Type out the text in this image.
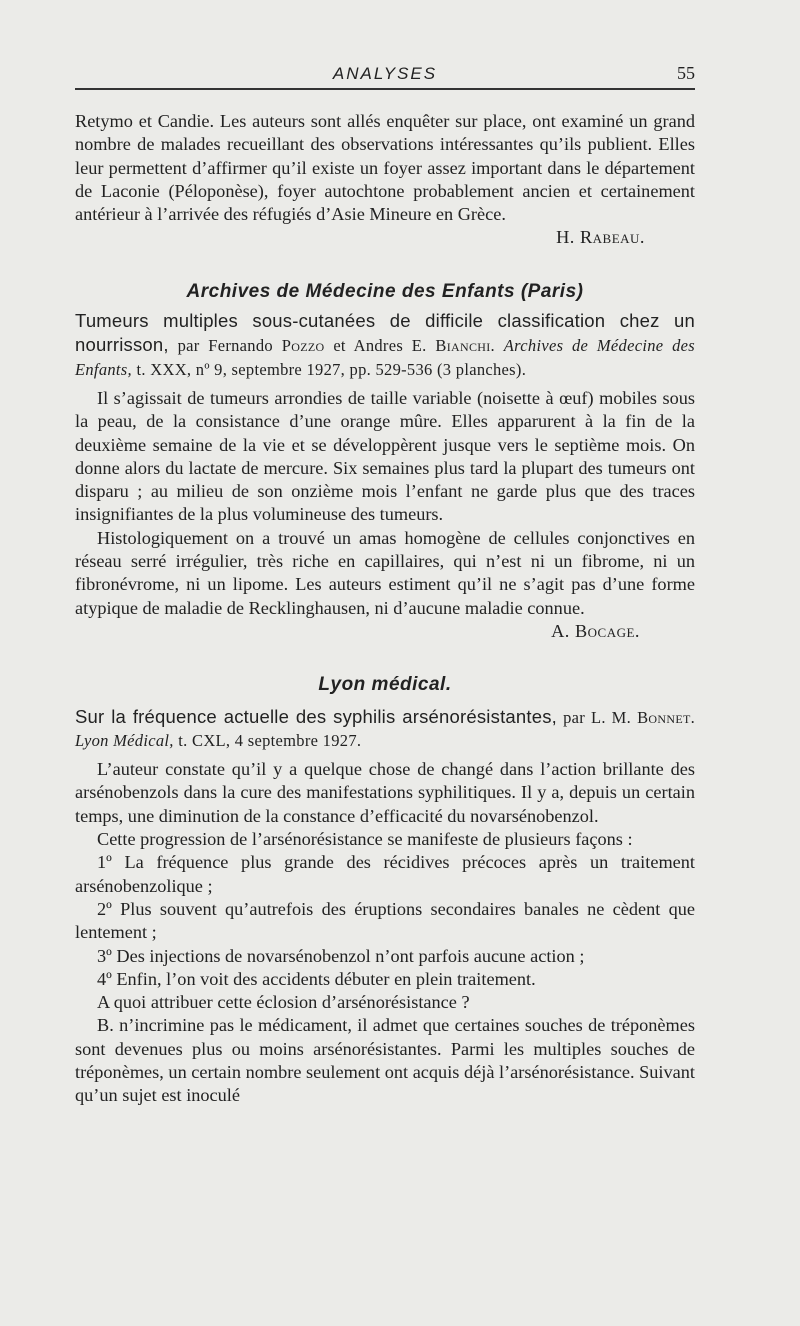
ANALYSES	55

Retymo et Candie. Les auteurs sont allés enquêter sur place, ont examiné un grand nombre de malades recueillant des observations intéressantes qu’ils publient. Elles leur permettent d’affirmer qu’il existe un foyer assez important dans le département de Laconie (Péloponèse), foyer autochtone probablement ancien et certainement antérieur à l’arrivée des réfugiés d’Asie Mineure en Grèce.

H. Rabeau.

Archives de Médecine des Enfants (Paris)

Tumeurs multiples sous-cutanées de difficile classification chez un nourrisson, par Fernando Pozzo et Andres E. Bianchi. Archives de Médecine des Enfants, t. XXX, nº 9, septembre 1927, pp. 529-536 (3 planches).

Il s’agissait de tumeurs arrondies de taille variable (noisette à œuf) mobiles sous la peau, de la consistance d’une orange mûre. Elles apparurent à la fin de la deuxième semaine de la vie et se développèrent jusque vers le septième mois. On donne alors du lactate de mercure. Six semaines plus tard la plupart des tumeurs ont disparu ; au milieu de son onzième mois l’enfant ne garde plus que des traces insignifiantes de la plus volumineuse des tumeurs.

Histologiquement on a trouvé un amas homogène de cellules conjonctives en réseau serré irrégulier, très riche en capillaires, qui n’est ni un fibrome, ni un fibronévrome, ni un lipome. Les auteurs estiment qu’il ne s’agit pas d’une forme atypique de maladie de Recklinghausen, ni d’aucune maladie connue.

A. Bocage.

Lyon médical.

Sur la fréquence actuelle des syphilis arsénorésistantes, par L. M. Bonnet. Lyon Médical, t. CXL, 4 septembre 1927.

L’auteur constate qu’il y a quelque chose de changé dans l’action brillante des arsénobenzols dans la cure des manifestations syphilitiques. Il y a, depuis un certain temps, une diminution de la constance d’efficacité du novarsénobenzol.

Cette progression de l’arsénorésistance se manifeste de plusieurs façons :

1º La fréquence plus grande des récidives précoces après un traitement arsénobenzolique ;

2º Plus souvent qu’autrefois des éruptions secondaires banales ne cèdent que lentement ;

3º Des injections de novarsénobenzol n’ont parfois aucune action ;

4º Enfin, l’on voit des accidents débuter en plein traitement.

A quoi attribuer cette éclosion d’arsénorésistance ?

B. n’incrimine pas le médicament, il admet que certaines souches de tréponèmes sont devenues plus ou moins arsénorésistantes. Parmi les multiples souches de tréponèmes, un certain nombre seulement ont acquis déjà l’arsénorésistance. Suivant qu’un sujet est inoculé
